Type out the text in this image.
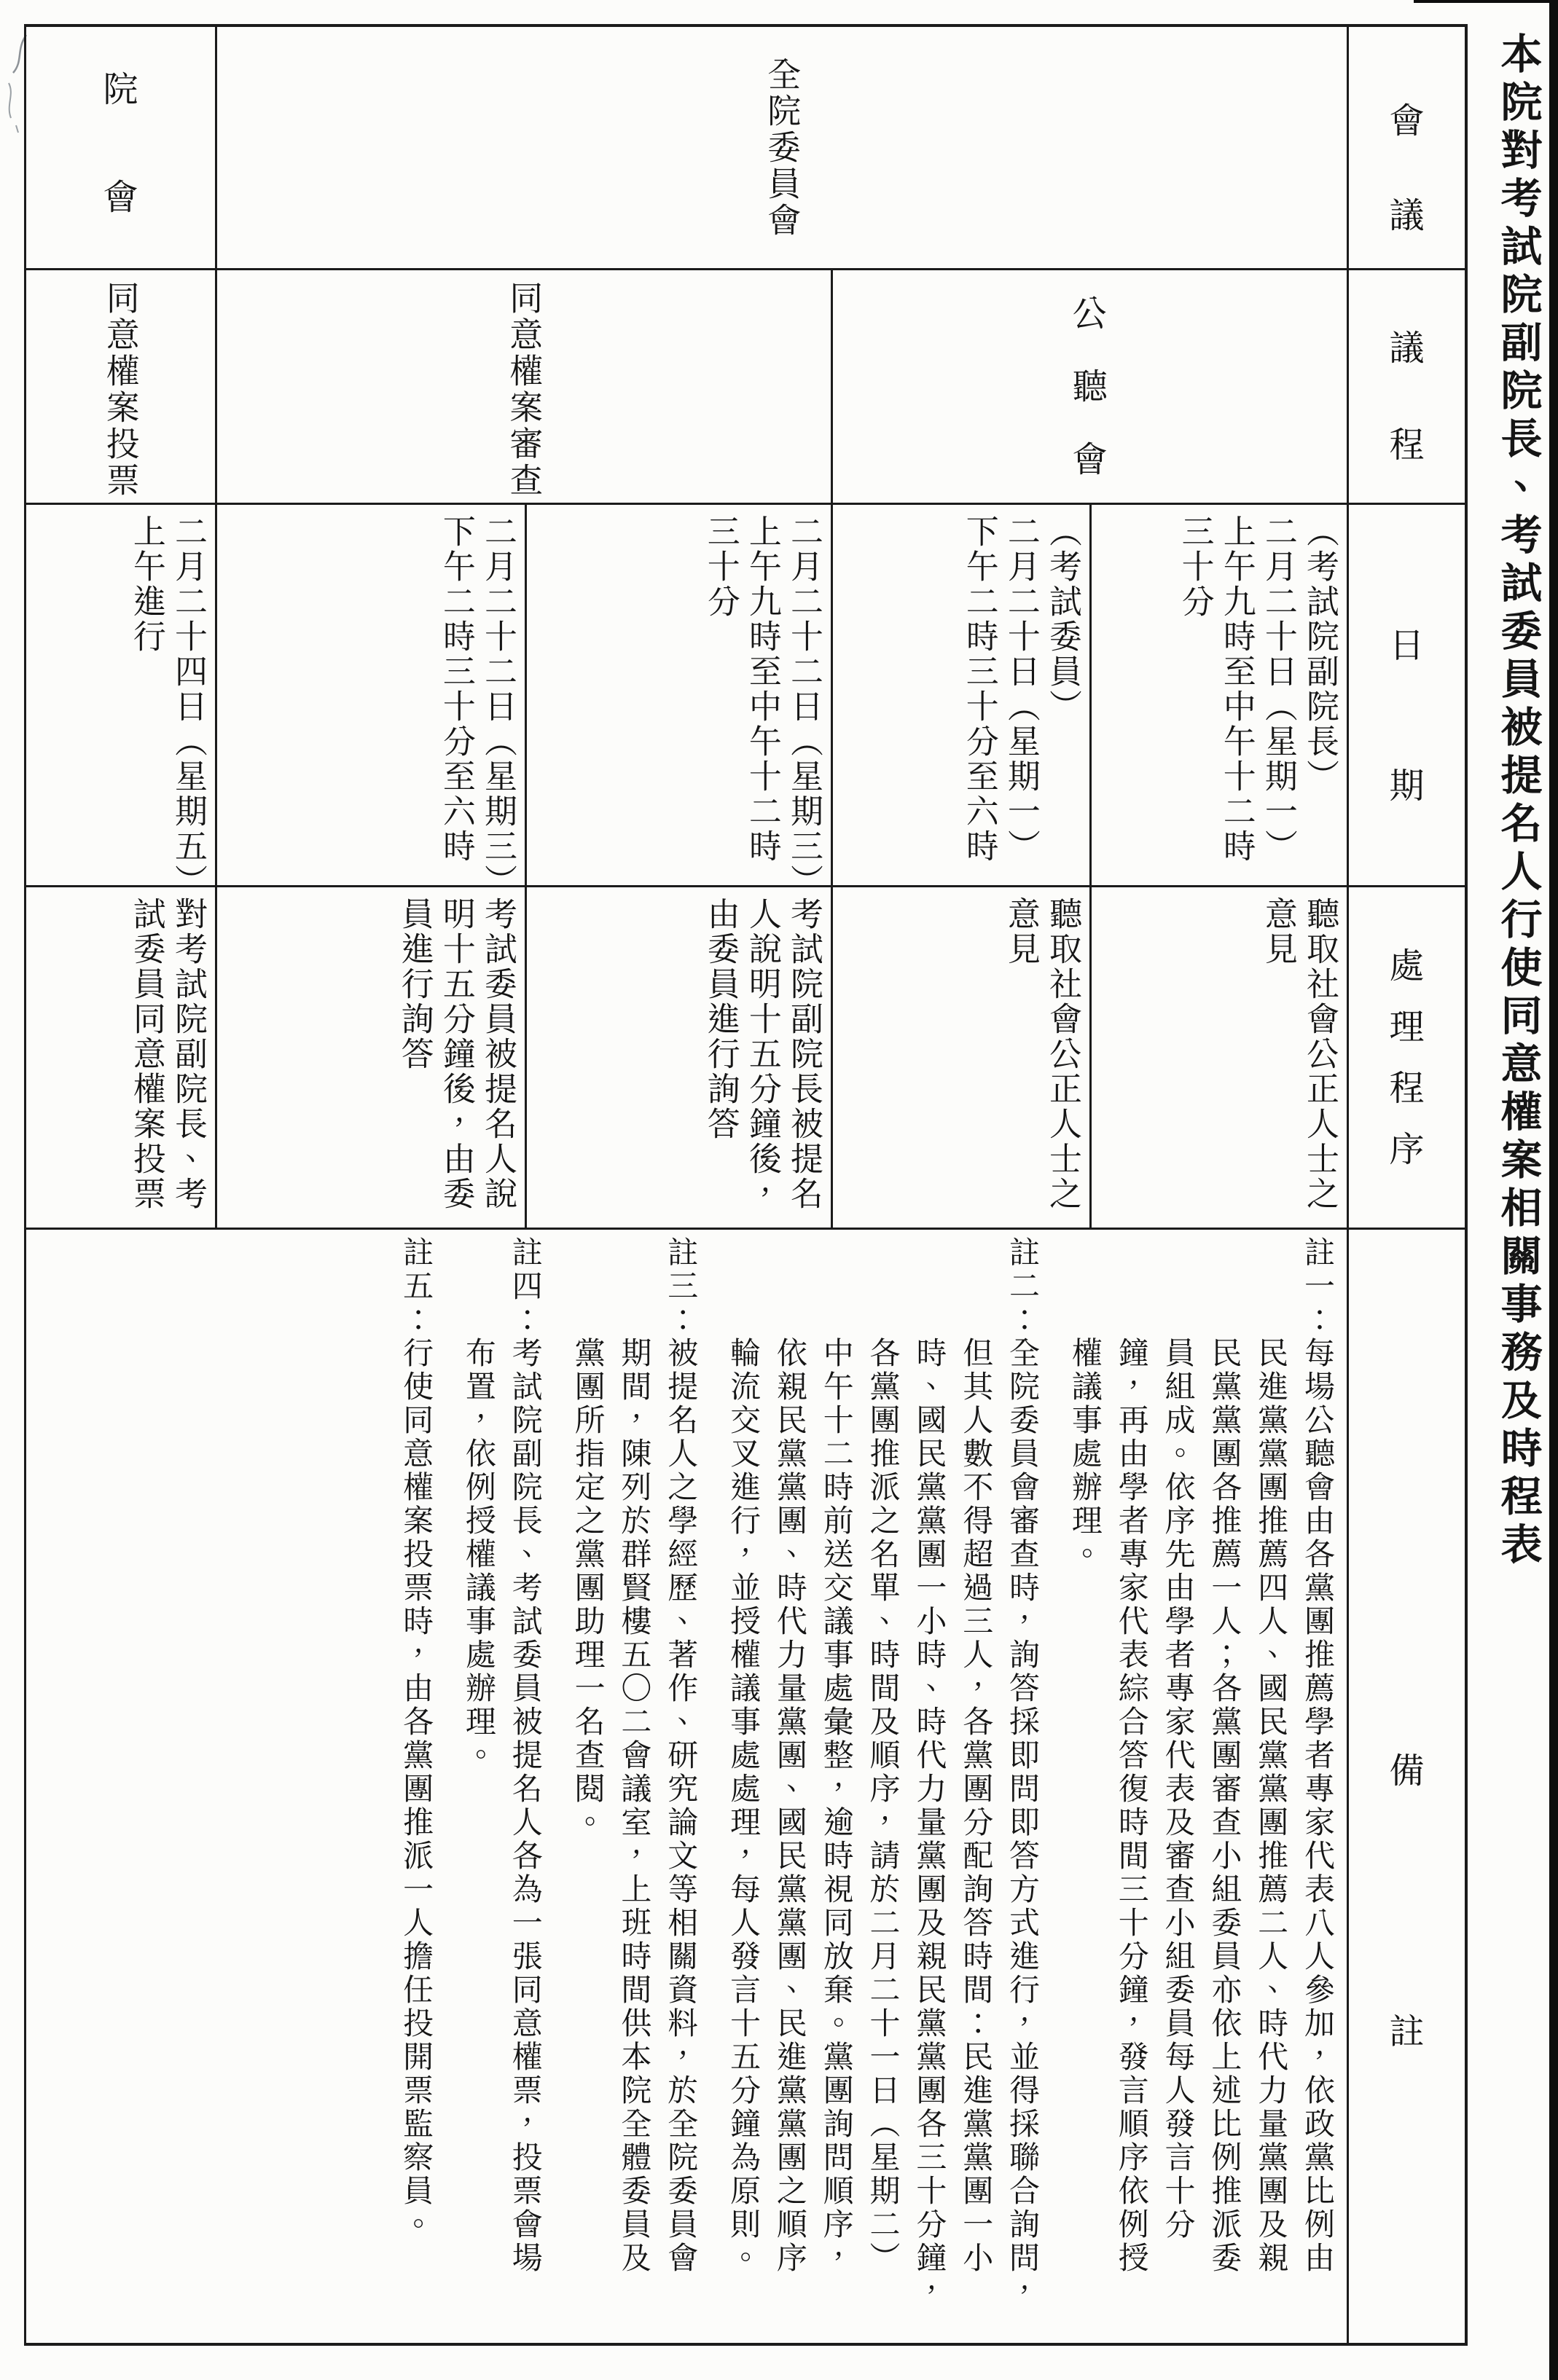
本院對考試院副院長、考試委員被提名人行使同意權案相關事務及時程表
會
議
議
程
日
期
處
理
程
序
備
註
全院委員會
院
會
公
聽
會
同意權案審查
同意權案投票
（考試院副院長）
二月二十日（星期一）
上午九時至中午十二時
三十分
（考試委員）
二月二十日（星期一）
下午二時三十分至六時
二月二十二日（星期三）
上午九時至中午十二時
三十分
二月二十二日（星期三）
下午二時三十分至六時
二月二十四日（星期五）
上午進行
聽取社會公正人士之
意見
聽取社會公正人士之
意見
考試院副院長被提名
人說明十五分鐘後，
由委員進行詢答
考試委員被提名人說
明十五分鐘後，由委
員進行詢答
對考試院副院長、考
試委員同意權案投票
註一：每場公聽會由各黨團推薦學者專家代表八人參加，依政黨比例由
民進黨黨團推薦四人、國民黨黨團推薦二人、時代力量黨團及親
民黨黨團各推薦一人；各黨團審查小組委員亦依上述比例推派委
員組成。依序先由學者專家代表及審查小組委員每人發言十分
鐘，再由學者專家代表綜合答復時間三十分鐘，發言順序依例授
權議事處辦理。
註二：全院委員會審查時，詢答採即問即答方式進行，並得採聯合詢問，
但其人數不得超過三人，各黨團分配詢答時間：民進黨黨團一小
時、國民黨黨團一小時、時代力量黨團及親民黨黨團各三十分鐘，
各黨團推派之名單、時間及順序，請於二月二十一日（星期二）
中午十二時前送交議事處彙整，逾時視同放棄。黨團詢問順序，
依親民黨黨團、時代力量黨團、國民黨黨團、民進黨黨團之順序
輪流交叉進行，並授權議事處處理，每人發言十五分鐘為原則。
註三：被提名人之學經歷、著作、研究論文等相關資料，於全院委員會
期間，陳列於群賢樓五〇二會議室，上班時間供本院全體委員及
黨團所指定之黨團助理一名查閱。
註四：考試院副院長、考試委員被提名人各為一張同意權票，投票會場
布置，依例授權議事處辦理。
註五：行使同意權案投票時，由各黨團推派一人擔任投開票監察員。
